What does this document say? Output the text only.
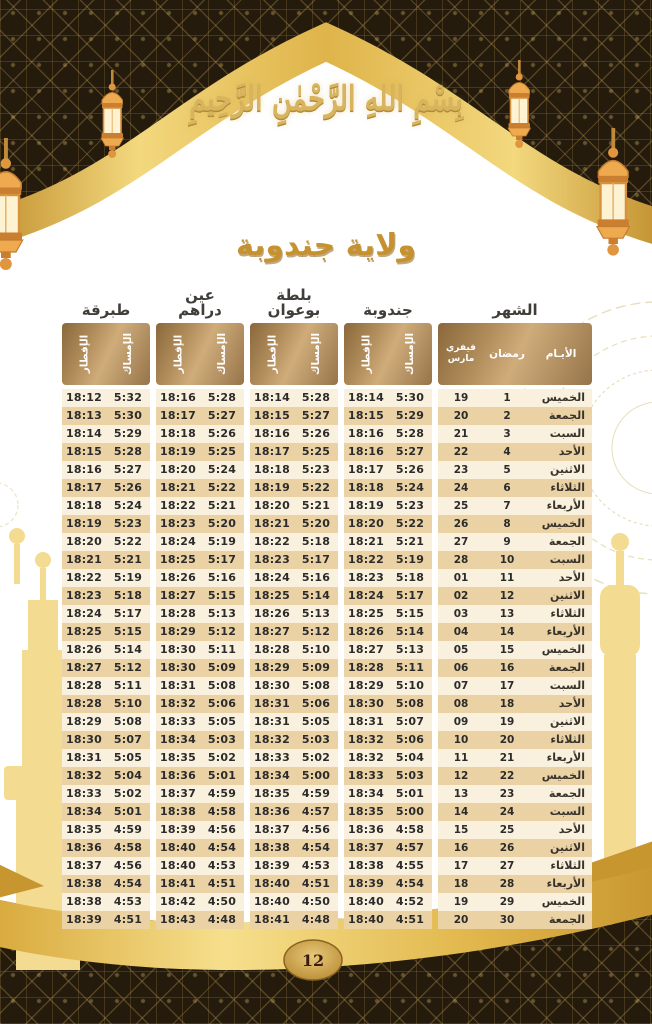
12
بِسْمِ اللهِ الرَّحْمٰنِ الرَّحِيمِ
ولاية جندوبة
الشهر
الأيـام
رمضان
فيفري
مارس
الخميس
1
19
الجمعة
2
20
السبت
3
21
الأحد
4
22
الاثنين
5
23
الثلاثاء
6
24
الأربعاء
7
25
الخميس
8
26
الجمعة
9
27
السبت
10
28
الأحد
11
01
الاثنين
12
02
الثلاثاء
13
03
الأربعاء
14
04
الخميس
15
05
الجمعة
16
06
السبت
17
07
الأحد
18
08
الاثنين
19
09
الثلاثاء
20
10
الأربعاء
21
11
الخميس
22
12
الجمعة
23
13
السبت
24
14
الأحد
25
15
الاثنين
26
16
الثلاثاء
27
17
الأربعاء
28
18
الخميس
29
19
الجمعة
30
20
جندوبة
الإمساك
الإفطار
5:30
18:14
5:29
18:15
5:28
18:16
5:27
18:16
5:26
18:17
5:24
18:18
5:23
18:19
5:22
18:20
5:21
18:21
5:19
18:22
5:18
18:23
5:17
18:24
5:15
18:25
5:14
18:26
5:13
18:27
5:11
18:28
5:10
18:29
5:08
18:30
5:07
18:31
5:06
18:32
5:04
18:32
5:03
18:33
5:01
18:34
5:00
18:35
4:58
18:36
4:57
18:37
4:55
18:38
4:54
18:39
4:52
18:40
4:51
18:40
بلطة بوعوان
الإمساك
الإفطار
5:28
18:14
5:27
18:15
5:26
18:16
5:25
18:17
5:23
18:18
5:22
18:19
5:21
18:20
5:20
18:21
5:18
18:22
5:17
18:23
5:16
18:24
5:14
18:25
5:13
18:26
5:12
18:27
5:10
18:28
5:09
18:29
5:08
18:30
5:06
18:31
5:05
18:31
5:03
18:32
5:02
18:33
5:00
18:34
4:59
18:35
4:57
18:36
4:56
18:37
4:54
18:38
4:53
18:39
4:51
18:40
4:50
18:40
4:48
18:41
عين دراهم
الإمساك
الإفطار
5:28
18:16
5:27
18:17
5:26
18:18
5:25
18:19
5:24
18:20
5:22
18:21
5:21
18:22
5:20
18:23
5:19
18:24
5:17
18:25
5:16
18:26
5:15
18:27
5:13
18:28
5:12
18:29
5:11
18:30
5:09
18:30
5:08
18:31
5:06
18:32
5:05
18:33
5:03
18:34
5:02
18:35
5:01
18:36
4:59
18:37
4:58
18:38
4:56
18:39
4:54
18:40
4:53
18:40
4:51
18:41
4:50
18:42
4:48
18:43
طبرقة
الإمساك
الإفطار
5:32
18:12
5:30
18:13
5:29
18:14
5:28
18:15
5:27
18:16
5:26
18:17
5:24
18:18
5:23
18:19
5:22
18:20
5:21
18:21
5:19
18:22
5:18
18:23
5:17
18:24
5:15
18:25
5:14
18:26
5:12
18:27
5:11
18:28
5:10
18:28
5:08
18:29
5:07
18:30
5:05
18:31
5:04
18:32
5:02
18:33
5:01
18:34
4:59
18:35
4:58
18:36
4:56
18:37
4:54
18:38
4:53
18:38
4:51
18:39
